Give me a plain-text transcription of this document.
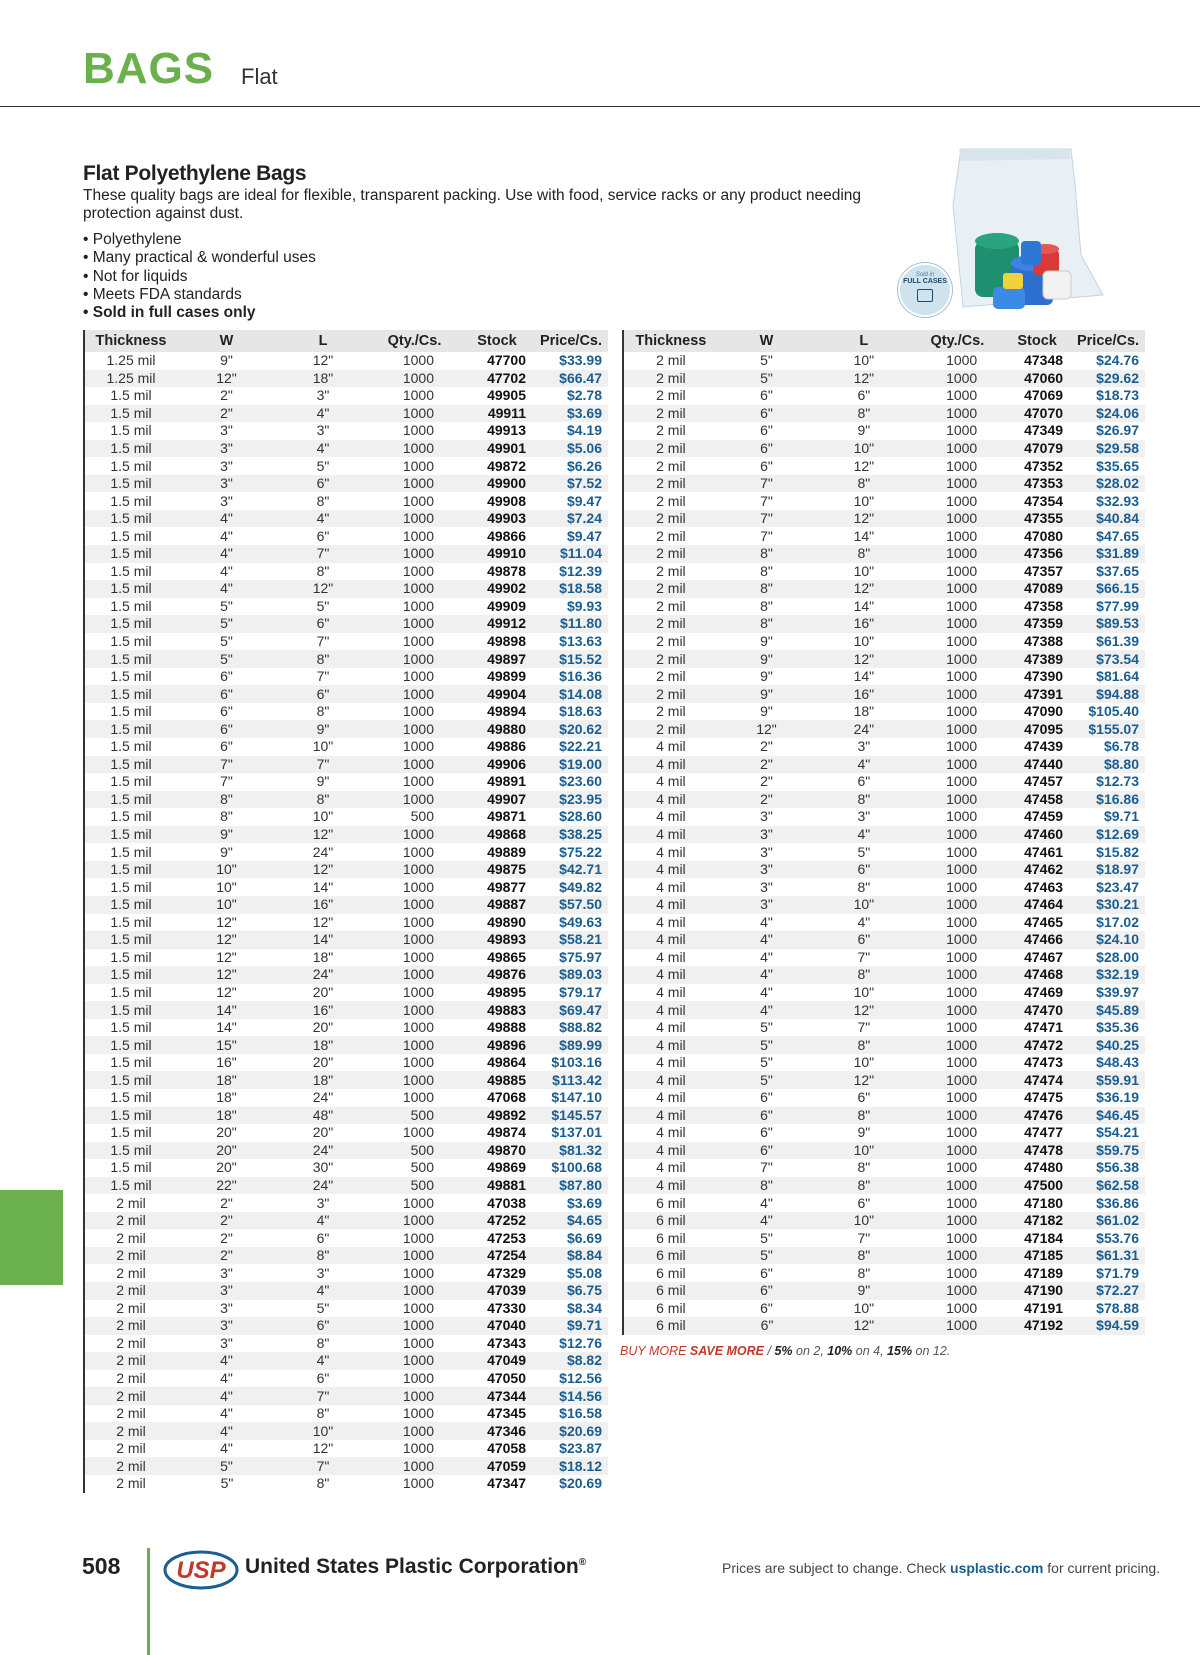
BAGS Flat
Flat Polyethylene Bags
These quality bags are ideal for flexible, transparent packing. Use with food, service racks or any product needing protection against dust.
• Polyethylene
• Many practical & wonderful uses
• Not for liquids
• Meets FDA standards
• Sold in full cases only
Sold in
FULL CASES
Thickness	W	L	Qty./Cs.	Stock	Price/Cs.
1.25 mil	9"	12"	1000	47700	$33.99
1.25 mil	12"	18"	1000	47702	$66.47
1.5 mil	2"	3"	1000	49905	$2.78
1.5 mil	2"	4"	1000	49911	$3.69
1.5 mil	3"	3"	1000	49913	$4.19
1.5 mil	3"	4"	1000	49901	$5.06
1.5 mil	3"	5"	1000	49872	$6.26
1.5 mil	3"	6"	1000	49900	$7.52
1.5 mil	3"	8"	1000	49908	$9.47
1.5 mil	4"	4"	1000	49903	$7.24
1.5 mil	4"	6"	1000	49866	$9.47
1.5 mil	4"	7"	1000	49910	$11.04
1.5 mil	4"	8"	1000	49878	$12.39
1.5 mil	4"	12"	1000	49902	$18.58
1.5 mil	5"	5"	1000	49909	$9.93
1.5 mil	5"	6"	1000	49912	$11.80
1.5 mil	5"	7"	1000	49898	$13.63
1.5 mil	5"	8"	1000	49897	$15.52
1.5 mil	6"	7"	1000	49899	$16.36
1.5 mil	6"	6"	1000	49904	$14.08
1.5 mil	6"	8"	1000	49894	$18.63
1.5 mil	6"	9"	1000	49880	$20.62
1.5 mil	6"	10"	1000	49886	$22.21
1.5 mil	7"	7"	1000	49906	$19.00
1.5 mil	7"	9"	1000	49891	$23.60
1.5 mil	8"	8"	1000	49907	$23.95
1.5 mil	8"	10"	500	49871	$28.60
1.5 mil	9"	12"	1000	49868	$38.25
1.5 mil	9"	24"	1000	49889	$75.22
1.5 mil	10"	12"	1000	49875	$42.71
1.5 mil	10"	14"	1000	49877	$49.82
1.5 mil	10"	16"	1000	49887	$57.50
1.5 mil	12"	12"	1000	49890	$49.63
1.5 mil	12"	14"	1000	49893	$58.21
1.5 mil	12"	18"	1000	49865	$75.97
1.5 mil	12"	24"	1000	49876	$89.03
1.5 mil	12"	20"	1000	49895	$79.17
1.5 mil	14"	16"	1000	49883	$69.47
1.5 mil	14"	20"	1000	49888	$88.82
1.5 mil	15"	18"	1000	49896	$89.99
1.5 mil	16"	20"	1000	49864	$103.16
1.5 mil	18"	18"	1000	49885	$113.42
1.5 mil	18"	24"	1000	47068	$147.10
1.5 mil	18"	48"	500	49892	$145.57
1.5 mil	20"	20"	1000	49874	$137.01
1.5 mil	20"	24"	500	49870	$81.32
1.5 mil	20"	30"	500	49869	$100.68
1.5 mil	22"	24"	500	49881	$87.80
2 mil	2"	3"	1000	47038	$3.69
2 mil	2"	4"	1000	47252	$4.65
2 mil	2"	6"	1000	47253	$6.69
2 mil	2"	8"	1000	47254	$8.84
2 mil	3"	3"	1000	47329	$5.08
2 mil	3"	4"	1000	47039	$6.75
2 mil	3"	5"	1000	47330	$8.34
2 mil	3"	6"	1000	47040	$9.71
2 mil	3"	8"	1000	47343	$12.76
2 mil	4"	4"	1000	47049	$8.82
2 mil	4"	6"	1000	47050	$12.56
2 mil	4"	7"	1000	47344	$14.56
2 mil	4"	8"	1000	47345	$16.58
2 mil	4"	10"	1000	47346	$20.69
2 mil	4"	12"	1000	47058	$23.87
2 mil	5"	7"	1000	47059	$18.12
2 mil	5"	8"	1000	47347	$20.69
Thickness	W	L	Qty./Cs.	Stock	Price/Cs.
2 mil	5"	10"	1000	47348	$24.76
2 mil	5"	12"	1000	47060	$29.62
2 mil	6"	6"	1000	47069	$18.73
2 mil	6"	8"	1000	47070	$24.06
2 mil	6"	9"	1000	47349	$26.97
2 mil	6"	10"	1000	47079	$29.58
2 mil	6"	12"	1000	47352	$35.65
2 mil	7"	8"	1000	47353	$28.02
2 mil	7"	10"	1000	47354	$32.93
2 mil	7"	12"	1000	47355	$40.84
2 mil	7"	14"	1000	47080	$47.65
2 mil	8"	8"	1000	47356	$31.89
2 mil	8"	10"	1000	47357	$37.65
2 mil	8"	12"	1000	47089	$66.15
2 mil	8"	14"	1000	47358	$77.99
2 mil	8"	16"	1000	47359	$89.53
2 mil	9"	10"	1000	47388	$61.39
2 mil	9"	12"	1000	47389	$73.54
2 mil	9"	14"	1000	47390	$81.64
2 mil	9"	16"	1000	47391	$94.88
2 mil	9"	18"	1000	47090	$105.40
2 mil	12"	24"	1000	47095	$155.07
4 mil	2"	3"	1000	47439	$6.78
4 mil	2"	4"	1000	47440	$8.80
4 mil	2"	6"	1000	47457	$12.73
4 mil	2"	8"	1000	47458	$16.86
4 mil	3"	3"	1000	47459	$9.71
4 mil	3"	4"	1000	47460	$12.69
4 mil	3"	5"	1000	47461	$15.82
4 mil	3"	6"	1000	47462	$18.97
4 mil	3"	8"	1000	47463	$23.47
4 mil	3"	10"	1000	47464	$30.21
4 mil	4"	4"	1000	47465	$17.02
4 mil	4"	6"	1000	47466	$24.10
4 mil	4"	7"	1000	47467	$28.00
4 mil	4"	8"	1000	47468	$32.19
4 mil	4"	10"	1000	47469	$39.97
4 mil	4"	12"	1000	47470	$45.89
4 mil	5"	7"	1000	47471	$35.36
4 mil	5"	8"	1000	47472	$40.25
4 mil	5"	10"	1000	47473	$48.43
4 mil	5"	12"	1000	47474	$59.91
4 mil	6"	6"	1000	47475	$36.19
4 mil	6"	8"	1000	47476	$46.45
4 mil	6"	9"	1000	47477	$54.21
4 mil	6"	10"	1000	47478	$59.75
4 mil	7"	8"	1000	47480	$56.38
4 mil	8"	8"	1000	47500	$62.58
6 mil	4"	6"	1000	47180	$36.86
6 mil	4"	10"	1000	47182	$61.02
6 mil	5"	7"	1000	47184	$53.76
6 mil	5"	8"	1000	47185	$61.31
6 mil	6"	8"	1000	47189	$71.79
6 mil	6"	9"	1000	47190	$72.27
6 mil	6"	10"	1000	47191	$78.88
6 mil	6"	12"	1000	47192	$94.59
BUY MORE SAVE MORE / 5% on 2, 10% on 4, 15% on 12.
508 USP United States Plastic Corporation®	Prices are subject to change. Check usplastic.com for current pricing.
